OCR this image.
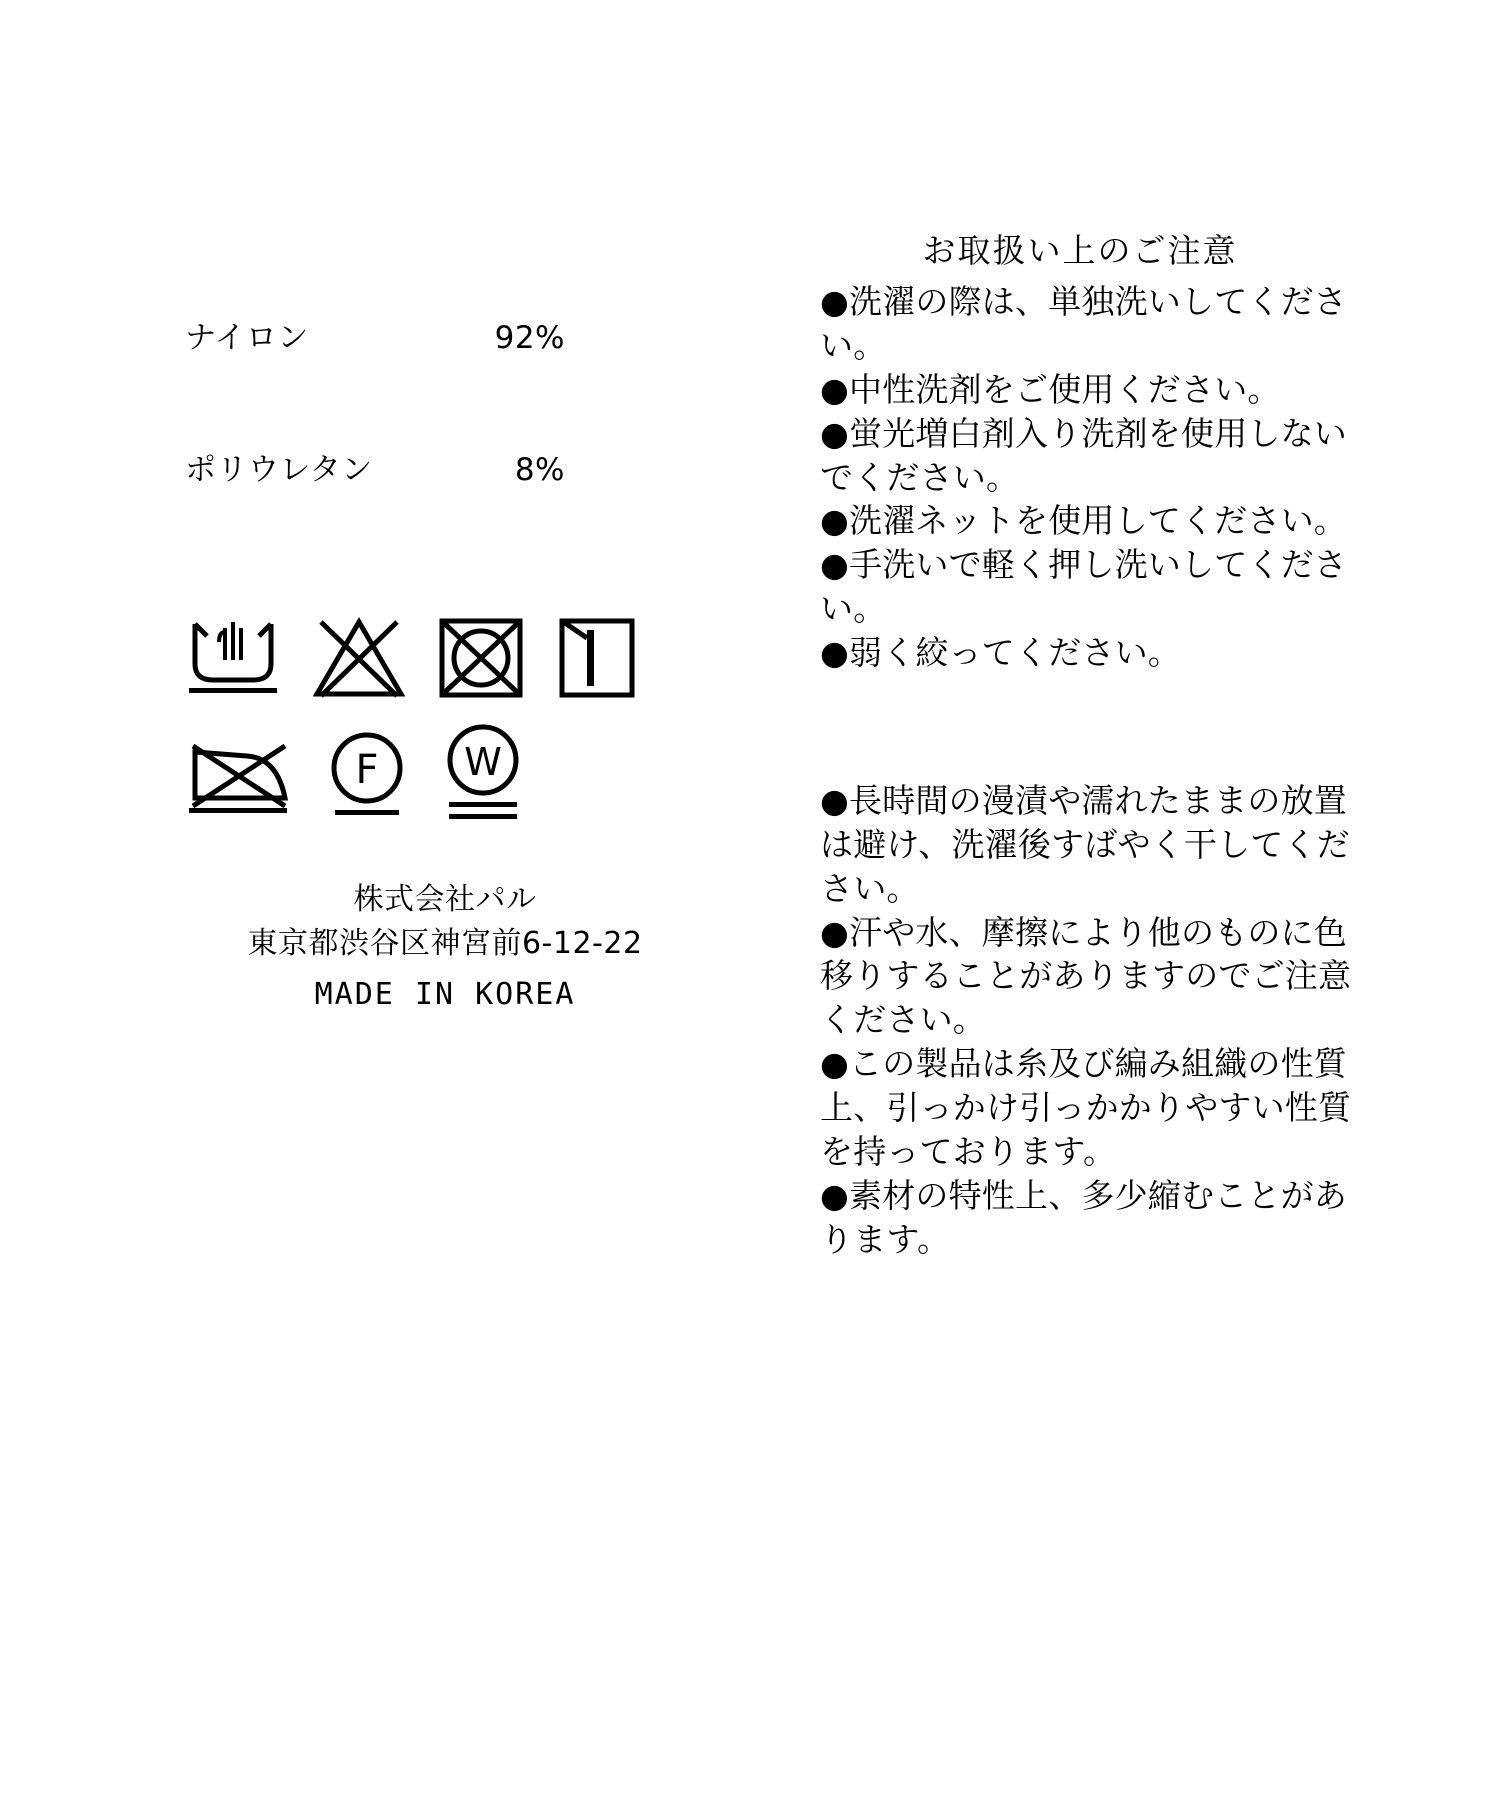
ナイロン	92%

ポリウレタン	8%

F W
株式会社パル
東京都渋谷区神宮前6-12-22
MADE IN KOREA
お取扱い上のご注意
●洗濯の際は、単独洗いしてください。
●中性洗剤をご使用ください。
●蛍光増白剤入り洗剤を使用しないでください。
●洗濯ネットを使用してください。
●手洗いで軽く押し洗いしてください。
●弱く絞ってください。
●長時間の漫漬や濡れたままの放置は避け、洗濯後すばやく干してください。
●汗や水、摩擦により他のものに色移りすることがありますのでご注意ください。
●この製品は糸及び編み組織の性質上、引っかけ引っかかりやすい性質を持っております。
●素材の特性上、多少縮むことがあります。
